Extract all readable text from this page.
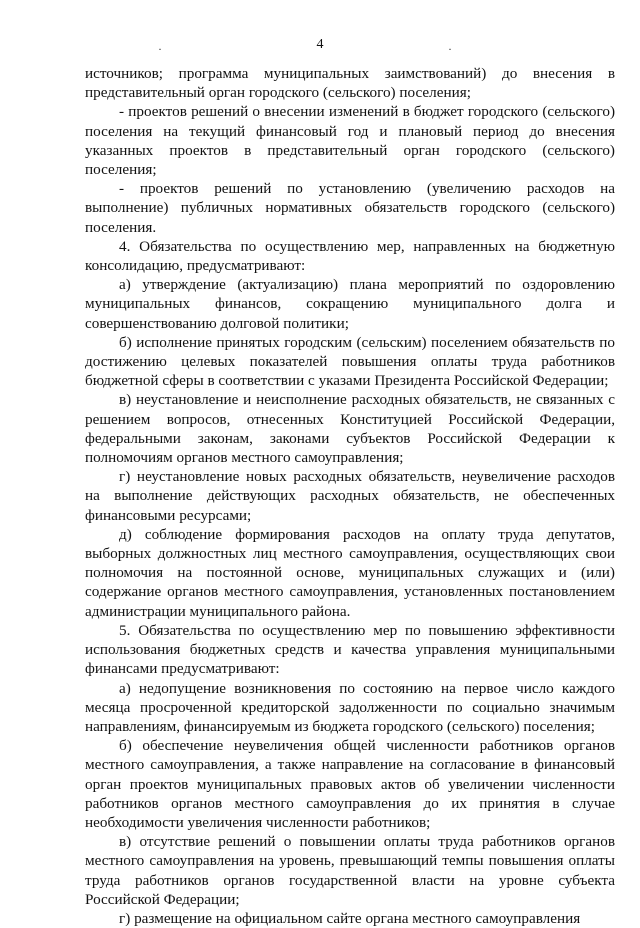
4
·	·

источников; программа муниципальных заимствований) до внесения в представительный орган городского (сельского) поселения;

- проектов решений о внесении изменений в бюджет городского (сельского) поселения на текущий финансовый год и плановый период до внесения указанных проектов в представительный орган городского (сельского) поселения;

- проектов решений по установлению (увеличению расходов на выполнение) публичных нормативных обязательств городского (сельского) поселения.

4. Обязательства по осуществлению мер, направленных на бюджетную консолидацию, предусматривают:

а) утверждение (актуализацию) плана мероприятий по оздоровлению муниципальных финансов, сокращению муниципального долга и совершенствованию долговой политики;

б) исполнение принятых городским (сельским) поселением обязательств по достижению целевых показателей повышения оплаты труда работников бюджетной сферы в соответствии с указами Президента Российской Федерации;

в) неустановление и неисполнение расходных обязательств, не связанных с решением вопросов, отнесенных Конституцией Российской Федерации, федеральными законам, законами субъектов Российской Федерации к полномочиям органов местного самоуправления;

г) неустановление новых расходных обязательств, неувеличение расходов на выполнение действующих расходных обязательств, не обеспеченных финансовыми ресурсами;

д) соблюдение формирования расходов на оплату труда депутатов, выборных должностных лиц местного самоуправления, осуществляющих свои полномочия на постоянной основе, муниципальных служащих и (или) содержание органов местного самоуправления, установленных постановлением администрации муниципального района.

5. Обязательства по осуществлению мер по повышению эффективности использования бюджетных средств и качества управления муниципальными финансами предусматривают:

а) недопущение возникновения по состоянию на первое число каждого месяца просроченной кредиторской задолженности по социально значимым направлениям, финансируемым из бюджета городского (сельского) поселения;

б) обеспечение неувеличения общей численности работников органов местного самоуправления, а также направление на согласование в финансовый орган проектов муниципальных правовых актов об увеличении численности работников органов местного самоуправления до их принятия в случае необходимости увеличения численности работников;

в) отсутствие решений о повышении оплаты труда работников органов местного самоуправления на уровень, превышающий темпы повышения оплаты труда работников органов государственной власти на уровне субъекта Российской Федерации;

г) размещение на официальном сайте органа местного самоуправления
